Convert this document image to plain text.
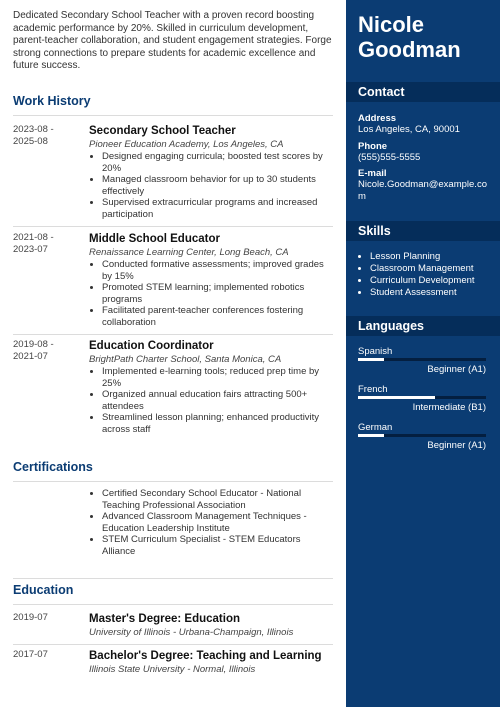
Dedicated Secondary School Teacher with a proven record boosting academic performance by 20%. Skilled in curriculum development, parent-teacher collaboration, and student engagement strategies. Forge strong connections to prepare students for academic excellence and future success.
Work History
2023-08 -
2025-08
Secondary School Teacher
Pioneer Education Academy, Los Angeles, CA
• Designed engaging curricula; boosted test scores by 20%
• Managed classroom behavior for up to 30 students effectively
• Supervised extracurricular programs and increased participation
2021-08 -
2023-07
Middle School Educator
Renaissance Learning Center, Long Beach, CA
• Conducted formative assessments; improved grades by 15%
• Promoted STEM learning; implemented robotics programs
• Facilitated parent-teacher conferences fostering collaboration
2019-08 -
2021-07
Education Coordinator
BrightPath Charter School, Santa Monica, CA
• Implemented e-learning tools; reduced prep time by 25%
• Organized annual education fairs attracting 500+ attendees
• Streamlined lesson planning; enhanced productivity across staff
Certifications
• Certified Secondary School Educator - National Teaching Professional Association
• Advanced Classroom Management Techniques - Education Leadership Institute
• STEM Curriculum Specialist - STEM Educators Alliance
Education
2019-07	Master's Degree: Education
University of Illinois - Urbana-Champaign, Illinois
2017-07	Bachelor's Degree: Teaching and Learning
Illinois State University - Normal, Illinois
Nicole
Goodman
Contact
Address
Los Angeles, CA, 90001
Phone
(555)555-5555
E-mail
Nicole.Goodman@example.com
Skills
• Lesson Planning
• Classroom Management
• Curriculum Development
• Student Assessment
Languages
Spanish
Beginner (A1)
French
Intermediate (B1)
German
Beginner (A1)
